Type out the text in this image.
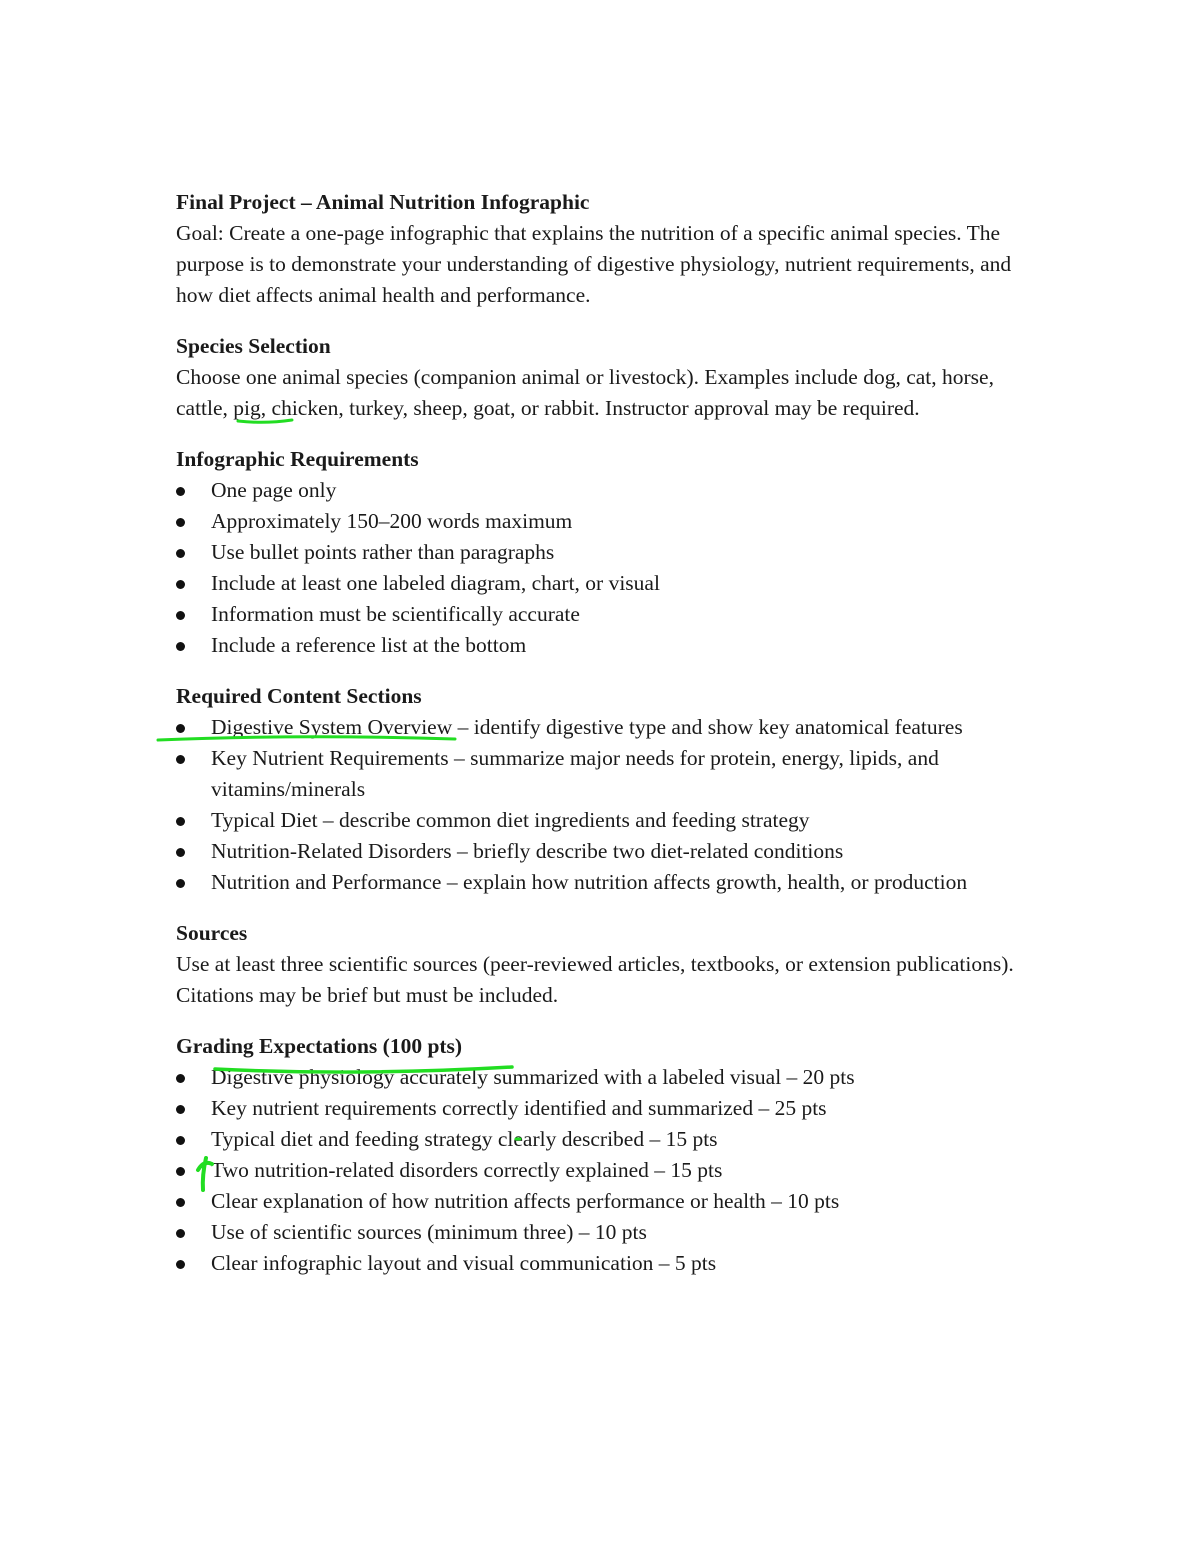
Final Project – Animal Nutrition Infographic

Goal: Create a one-page infographic that explains the nutrition of a specific animal species. The purpose is to demonstrate your understanding of digestive physiology, nutrient requirements, and how diet affects animal health and performance.

Species Selection

Choose one animal species (companion animal or livestock). Examples include dog, cat, horse, cattle, pig, chicken, turkey, sheep, goat, or rabbit. Instructor approval may be required.

Infographic Requirements

One page only
Approximately 150–200 words maximum
Use bullet points rather than paragraphs
Include at least one labeled diagram, chart, or visual
Information must be scientifically accurate
Include a reference list at the bottom

Required Content Sections

Digestive System Overview – identify digestive type and show key anatomical features
Key Nutrient Requirements – summarize major needs for protein, energy, lipids, and vitamins/minerals
Typical Diet – describe common diet ingredients and feeding strategy
Nutrition-Related Disorders – briefly describe two diet-related conditions
Nutrition and Performance – explain how nutrition affects growth, health, or production

Sources

Use at least three scientific sources (peer-reviewed articles, textbooks, or extension publications). Citations may be brief but must be included.

Grading Expectations (100 pts)

Digestive physiology accurately summarized with a labeled visual – 20 pts
Key nutrient requirements correctly identified and summarized – 25 pts
Typical diet and feeding strategy clearly described – 15 pts
Two nutrition-related disorders correctly explained – 15 pts
Clear explanation of how nutrition affects performance or health – 10 pts
Use of scientific sources (minimum three) – 10 pts
Clear infographic layout and visual communication – 5 pts
